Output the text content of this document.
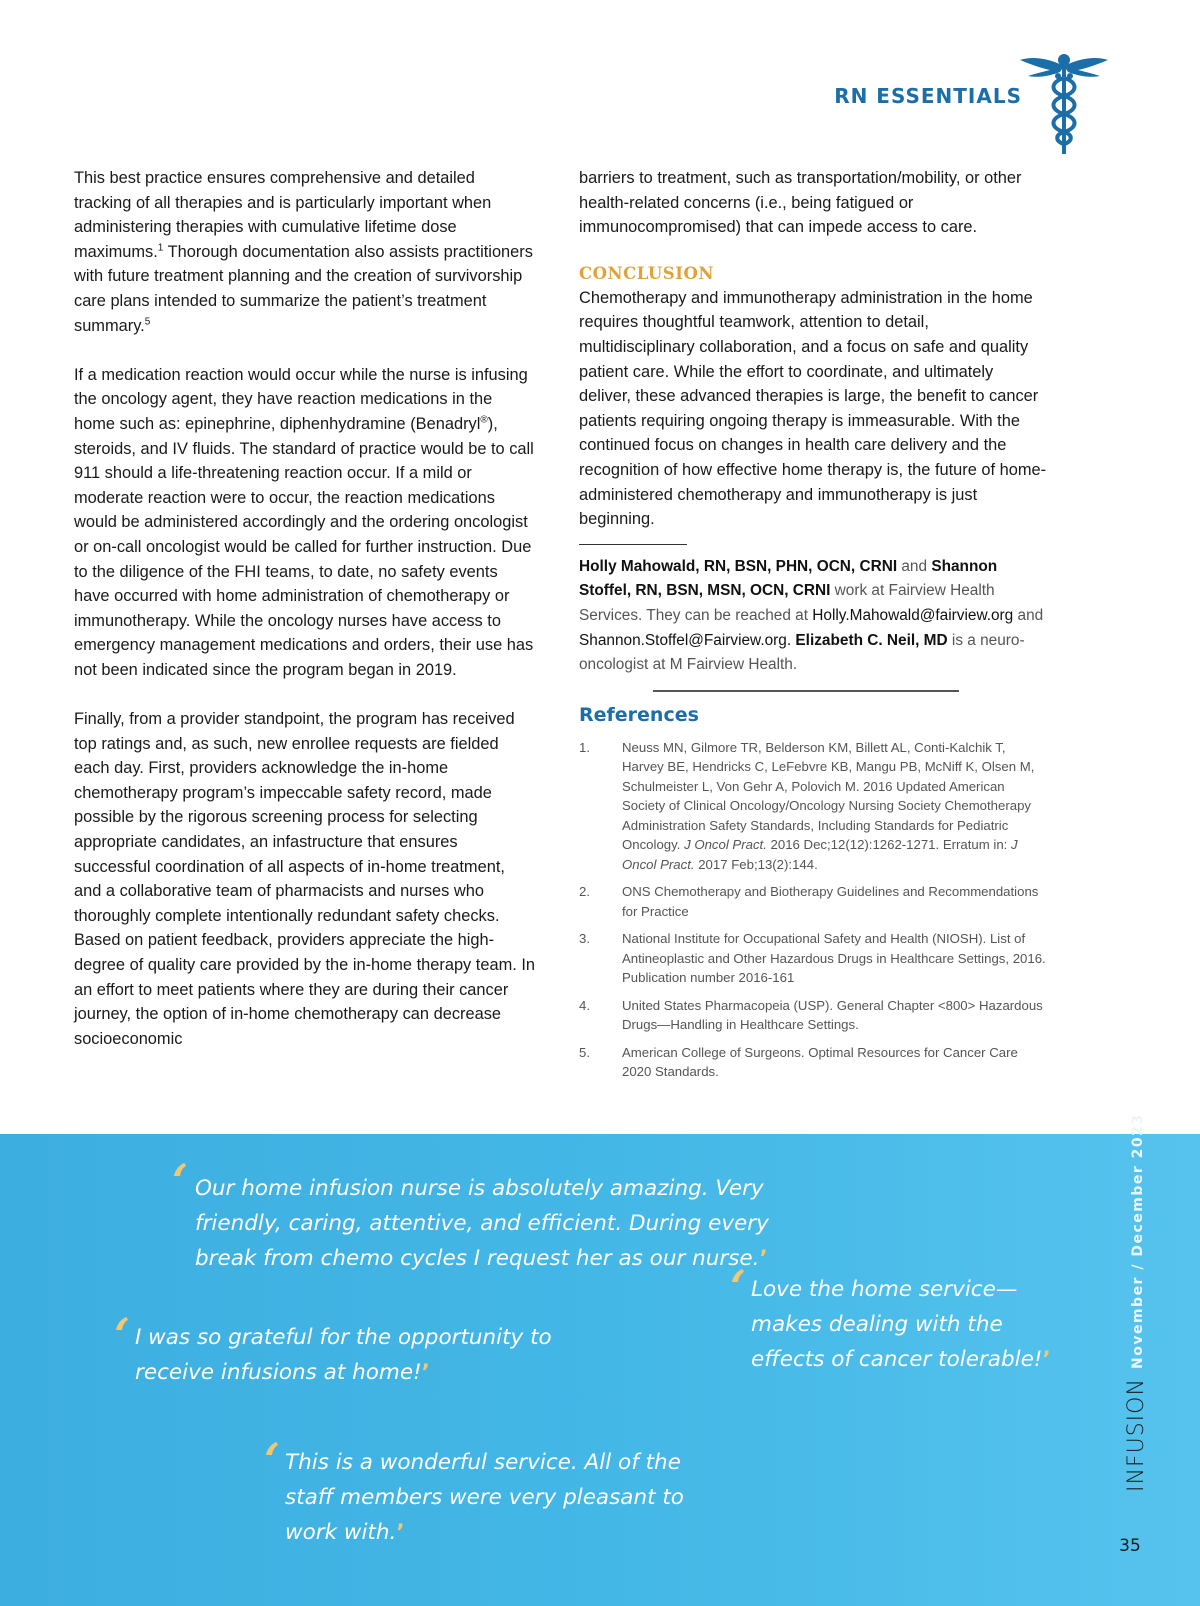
RN ESSENTIALS

This best practice ensures comprehensive and detailed tracking of all therapies and is particularly important when administering therapies with cumulative lifetime dose maximums.$^1$ Thorough documentation also assists practitioners with future treatment planning and the creation of survivorship care plans intended to summarize the patient’s treatment summary.$^5$

If a medication reaction would occur while the nurse is infusing the oncology agent, they have reaction medications in the home such as: epinephrine, diphenhydramine (Benadryl®), steroids, and IV fluids. The standard of practice would be to call 911 should a life-threatening reaction occur. If a mild or moderate reaction were to occur, the reaction medications would be administered accordingly and the ordering oncologist or on-call oncologist would be called for further instruction. Due to the diligence of the FHI teams, to date, no safety events have occurred with home administration of chemotherapy or immunotherapy. While the oncology nurses have access to emergency management medications and orders, their use has not been indicated since the program began in 2019.

Finally, from a provider standpoint, the program has received top ratings and, as such, new enrollee requests are fielded each day. First, providers acknowledge the in-home chemotherapy program’s impeccable safety record, made possible by the rigorous screening process for selecting appropriate candidates, an infastructure that ensures successful coordination of all aspects of in-home treatment, and a collaborative team of pharmacists and nurses who thoroughly complete intentionally redundant safety checks. Based on patient feedback, providers appreciate the high-degree of quality care provided by the in-home therapy team. In an effort to meet patients where they are during their cancer journey, the option of in-home chemotherapy can decrease socioeconomic

barriers to treatment, such as transportation/mobility, or other health-related concerns (i.e., being fatigued or immunocompromised) that can impede access to care.

CONCLUSION
Chemotherapy and immunotherapy administration in the home requires thoughtful teamwork, attention to detail, multidisciplinary collaboration, and a focus on safe and quality patient care. While the effort to coordinate, and ultimately deliver, these advanced therapies is large, the benefit to cancer patients requiring ongoing therapy is immeasurable. With the continued focus on changes in health care delivery and the recognition of how effective home therapy is, the future of home-administered chemotherapy and immunotherapy is just beginning.
Holly Mahowald, RN, BSN, PHN, OCN, CRNI and Shannon Stoffel, RN, BSN, MSN, OCN, CRNI work at Fairview Health Services. They can be reached at Holly.Mahowald@fairview.org and Shannon.Stoffel@Fairview.org. Elizabeth C. Neil, MD is a neuro-oncologist at M Fairview Health.
References
1.	Neuss MN, Gilmore TR, Belderson KM, Billett AL, Conti-Kalchik T, Harvey BE, Hendricks C, LeFebvre KB, Mangu PB, McNiff K, Olsen M, Schulmeister L, Von Gehr A, Polovich M. 2016 Updated American Society of Clinical Oncology/Oncology Nursing Society Chemotherapy Administration Safety Standards, Including Standards for Pediatric Oncology. J Oncol Pract. 2016 Dec;12(12):1262-1271. Erratum in: J Oncol Pract. 2017 Feb;13(2):144.
2.	ONS Chemotherapy and Biotherapy Guidelines and Recommendations for Practice
3.	National Institute for Occupational Safety and Health (NIOSH). List of Antineoplastic and Other Hazardous Drugs in Healthcare Settings, 2016. Publication number 2016-161
4.	United States Pharmacopeia (USP). General Chapter <800> Hazardous Drugs—Handling in Healthcare Settings.
5.	American College of Surgeons. Optimal Resources for Cancer Care 2020 Standards.
‘ Our home infusion nurse is absolutely amazing. Very friendly, caring, attentive, and efficient. During every break from chemo cycles I request her as our nurse.’
‘ Love the home service—makes dealing with the effects of cancer tolerable!’
‘ I was so grateful for the opportunity to receive infusions at home!’
‘ This is a wonderful service. All of the staff members were very pleasant to work with.’
November / December 2023
INFUSION
35
